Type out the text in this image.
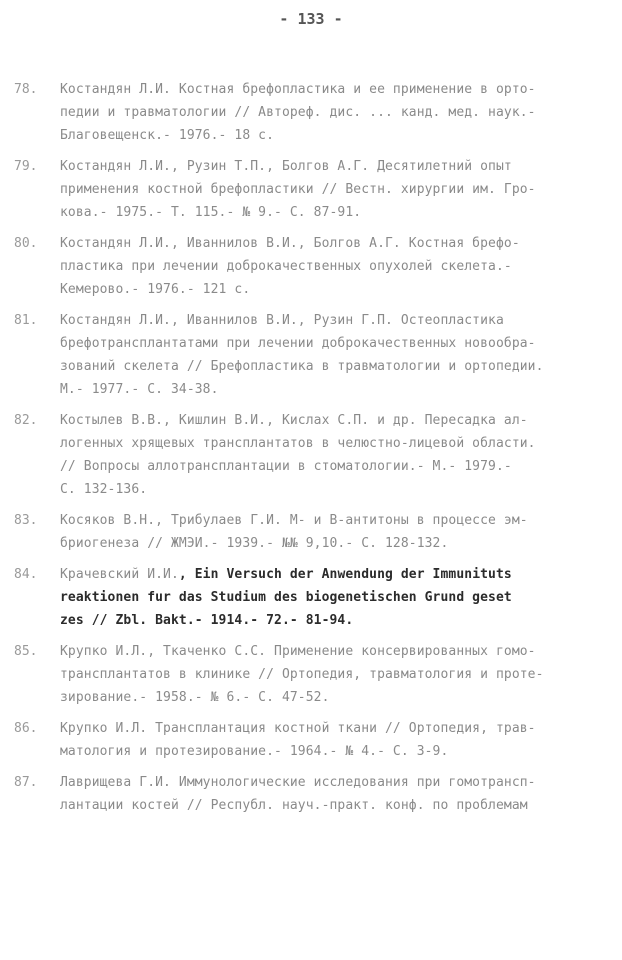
- 133 -
78.	Костандян Л.И. Костная брефопластика и ее применение в орто-
педии и травматологии // Автореф. дис. ... канд. мед. наук.-
Благовещенск.- 1976.- 18 с.
79.	Костандян Л.И., Рузин Т.П., Болгов А.Г. Десятилетний опыт
применения костной брефопластики // Вестн. хирургии им. Гро-
кова.- 1975.- Т. 115.- № 9.- С. 87-91.
80.	Костандян Л.И., Иваннилов В.И., Болгов А.Г. Костная брефо-
пластика при лечении доброкачественных опухолей скелета.-
Кемерово.- 1976.- 121 с.
81.	Костандян Л.И., Иваннилов В.И., Рузин Г.П. Остеопластика
брефотрансплантатами при лечении доброкачественных новообра-
зований скелета // Брефопластика в травматологии и ортопедии.
М.- 1977.- С. 34-38.
82.	Костылев В.В., Кишлин В.И., Кислах С.П. и др. Пересадка ал-
логенных хрящевых трансплантатов в челюстно-лицевой области.
// Вопросы аллотрансплантации в стоматологии.- М.- 1979.-
С. 132-136.
83.	Косяков В.Н., Трибулаев Г.И. М- и В-антитоны в процессе эм-
бриогенеза // ЖМЭИ.- 1939.- №№ 9,10.- С. 128-132.
84.	Крачевский И.И., Ein Versuch der Anwendung der Immunituts
reaktionen fur das Studium des biogenetischen Grund geset
zes // Zbl. Bakt.- 1914.- 72.- 81-94.
85.	Крупко И.Л., Ткаченко С.С. Применение консервированных гомо-
трансплантатов в клинике // Ортопедия, травматология и проте-
зирование.- 1958.- № 6.- С. 47-52.
86.	Крупко И.Л. Трансплантация костной ткани // Ортопедия, трав-
матология и протезирование.- 1964.- № 4.- С. 3-9.
87.	Лаврищева Г.И. Иммунологические исследования при гомотрансп-
лантации костей // Республ. науч.-практ. конф. по проблемам
